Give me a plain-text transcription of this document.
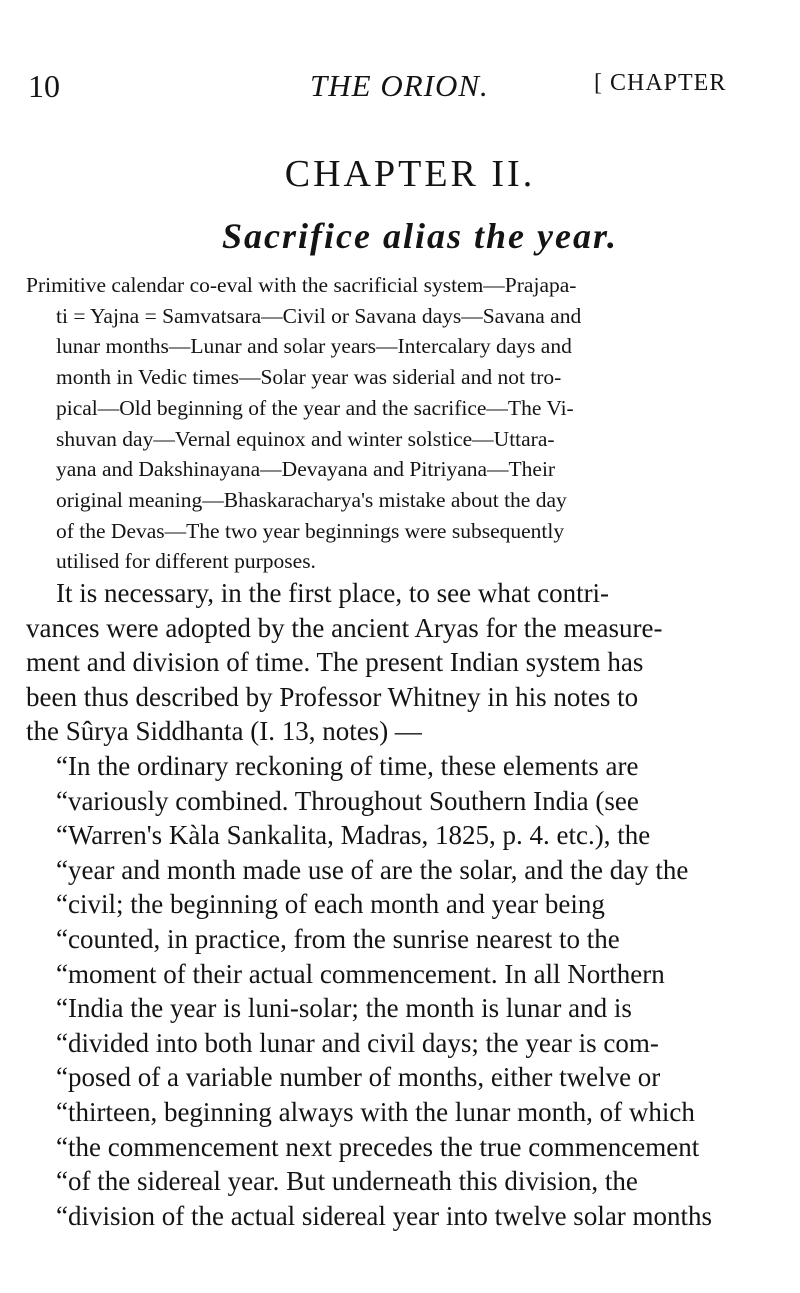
10	THE ORION.	[ CHAPTER
CHAPTER II.
Sacrifice alias the year.
Primitive calendar co-eval with the sacrificial system—Prajapa-
ti = Yajna = Samvatsara—Civil or Savana days—Savana and
lunar months—Lunar and solar years—Intercalary days and
month in Vedic times—Solar year was siderial and not tro-
pical—Old beginning of the year and the sacrifice—The Vi-
shuvan day—Vernal equinox and winter solstice—Uttara-
yana and Dakshinayana—Devayana and Pitriyana—Their
original meaning—Bhaskaracharya's mistake about the day
of the Devas—The two year beginnings were subsequently
utilised for different purposes.
It is necessary, in the first place, to see what contri-
vances were adopted by the ancient Aryas for the measure-
ment and division of time. The present Indian system has
been thus described by Professor Whitney in his notes to
the Sûrya Siddhanta (I. 13, notes) —
“In the ordinary reckoning of time, these elements are
“variously combined. Throughout Southern India (see
“Warren's Kàla Sankalita, Madras, 1825, p. 4. etc.), the
“year and month made use of are the solar, and the day the
“civil; the beginning of each month and year being
“counted, in practice, from the sunrise nearest to the
“moment of their actual commencement. In all Northern
“India the year is luni-solar; the month is lunar and is
“divided into both lunar and civil days; the year is com-
“posed of a variable number of months, either twelve or
“thirteen, beginning always with the lunar month, of which
“the commencement next precedes the true commencement
“of the sidereal year. But underneath this division, the
“division of the actual sidereal year into twelve solar months
